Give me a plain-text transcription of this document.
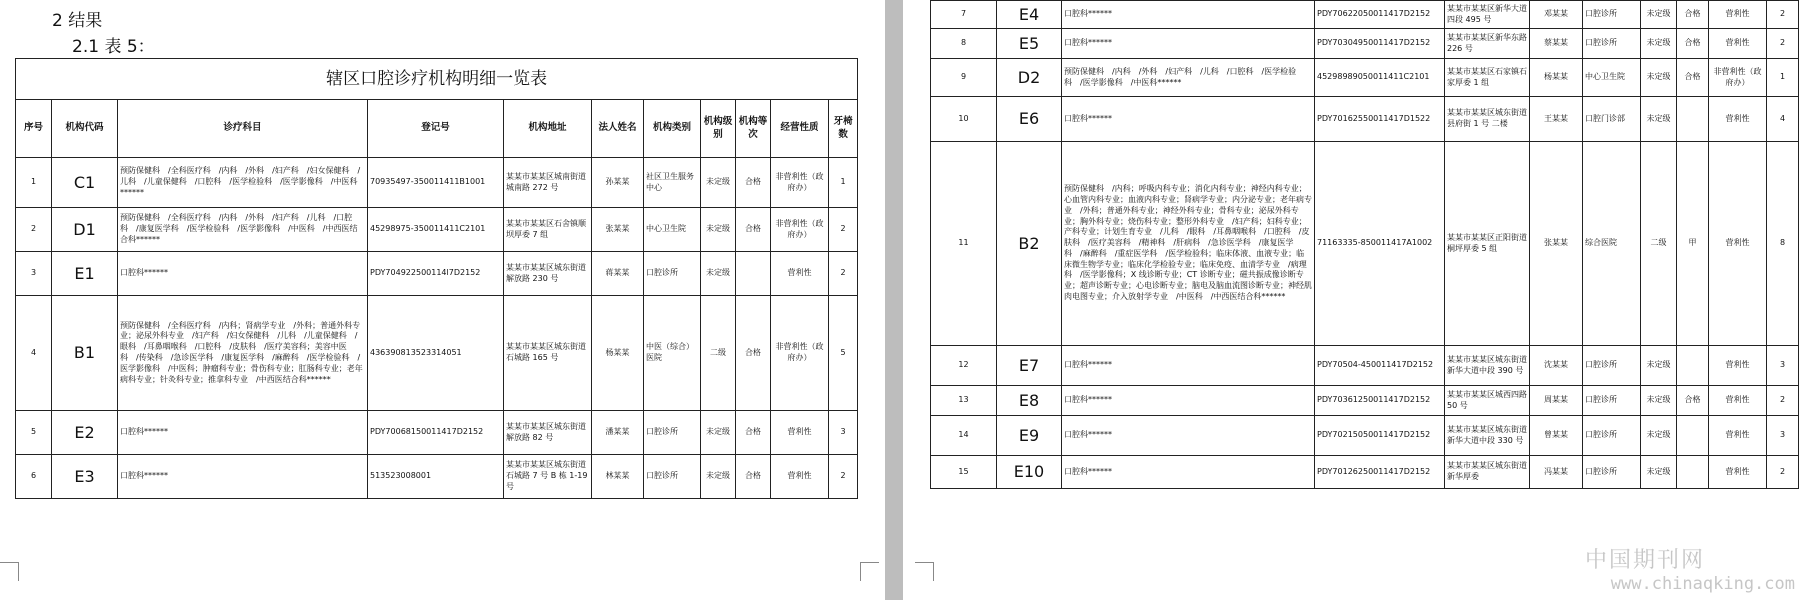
2 结果
2.1 表 5：
辖区口腔诊疗机构明细一览表										
序号	机构代码	诊疗科目	登记号	机构地址	法人姓名	机构类别	机构级别	机构等次	经营性质	牙椅数
1	C1	预防保健科　/全科医疗科　/内科　/外科　/妇产科　/妇女保健科　/儿科　/儿童保健科　/口腔科　/医学检验科　/医学影像科　/中医科******	70935497-350011411B1001	某某市某某区城南街道城南路 272 号	孙某某	社区卫生服务中心	未定级	合格	非营利性（政府办）	1
2	D1	预防保健科　/全科医疗科　/内科　/外科　/妇产科　/儿科　/口腔科　/康复医学科　/医学检验科　/医学影像科　/中医科　/中西医结合科******	45298975-350011411C2101	某某市某某区石舍镇顺坝厚委 7 组	张某某	中心卫生院	未定级	合格	非营利性（政府办）	2
3	E1	口腔科******	PDY704922500114l7D2152	某某市某某区城东街道解放路 230 号	蒋某某	口腔诊所	未定级		营利性	2
4	B1	预防保健科　/全科医疗科　/内科；肾病学专业　/外科；普通外科专业；泌尿外科专业　/妇产科　/妇女保健科　/儿科　/儿童保健科　/眼科　/耳鼻咽喉科　/口腔科　/皮肤科　/医疗美容科；美容中医科　/传染科　/急诊医学科　/康复医学科　/麻醉科　/医学检验科　/医学影像科　/中医科；肿瘤科专业；骨伤科专业；肛肠科专业；老年病科专业；针灸科专业；推拿科专业　/中西医结合科******	436390813523314051	某某市某某区城东街道石城路 165 号	杨某某	中医（综合）医院	二级	合格	非营利性（政府办）	5
5	E2	口腔科******	PDY70068150011417D2152	某某市某某区城东街道解放路 82 号	潘某某	口腔诊所	未定级	合格	营利性	3
6	E3	口腔科******	513523008001	某某市某某区城东街道石城路 7 号 B 栋 1-19 号	林某某	口腔诊所	未定级	合格	营利性	2
7	E4	口腔科******	PDY70622050011417D2152	某某市某某区新华大道四段 495 号	邓某某	口腔诊所	未定级	合格	营利性	2
8	E5	口腔科******	PDY70304950011417D2152	某某市某某区新华东路 226 号	蔡某某	口腔诊所	未定级	合格	营利性	2
9	D2	预防保健科　/内科　/外科　/妇产科　/儿科　/口腔科　/医学检验科　/医学影像科　/中医科******	45298989050011411C2101	某某市某某区石家镇石家厚委 1 组	杨某某	中心卫生院	未定级	合格	非营利性（政府办）	1
10	E6	口腔科******	PDY70162550011417D1522	某某市某某区城东街道县府街 1 号 二楼	王某某	口腔门诊部	未定级		营利性	4
11	B2	预防保健科　/内科；呼吸内科专业；消化内科专业；神经内科专业；心血管内科专业；血液内科专业；肾病学专业；内分泌专业；老年病专业　/外科；普通外科专业；神经外科专业；骨科专业；泌尿外科专业；胸外科专业；烧伤科专业；整形外科专业　/妇产科；妇科专业；产科专业；计划生育专业　/儿科　/眼科　/耳鼻咽喉科　/口腔科　/皮肤科　/医疗美容科　/精神科　/肝病科　/急诊医学科　/康复医学科　/麻醉科　/重症医学科　/医学检验科；临床体液、血液专业；临床微生物学专业；临床化学检验专业；临床免疫、血清学专业　/病理科　/医学影像科；X 线诊断专业；CT 诊断专业；磁共振成像诊断专业；超声诊断专业；心电诊断专业；脑电及脑血流图诊断专业；神经肌肉电图专业；介入放射学专业　/中医科　/中西医结合科******	71163335-850011417A1002	某某市某某区正阳街道桐坪厚委 5 组	张某某	综合医院	二级	甲	营利性	8
12	E7	口腔科******	PDY70504-450011417D2152	某某市某某区城东街道新华大道中段 390 号	沈某某	口腔诊所	未定级		营利性	3
13	E8	口腔科******	PDY70361250011417D2152	某某市某某区城西四路 50 号	周某某	口腔诊所	未定级	合格	营利性	2
14	E9	口腔科******	PDY70215050011417D2152	某某市某某区城东街道新华大道中段 330 号	曾某某	口腔诊所	未定级		营利性	3
15	E10	口腔科******	PDY70126250011417D2152	某某市某某区城东街道新华厚委	冯某某	口腔诊所	未定级		营利性	2
中国期刊网
www.chinaqking.com
